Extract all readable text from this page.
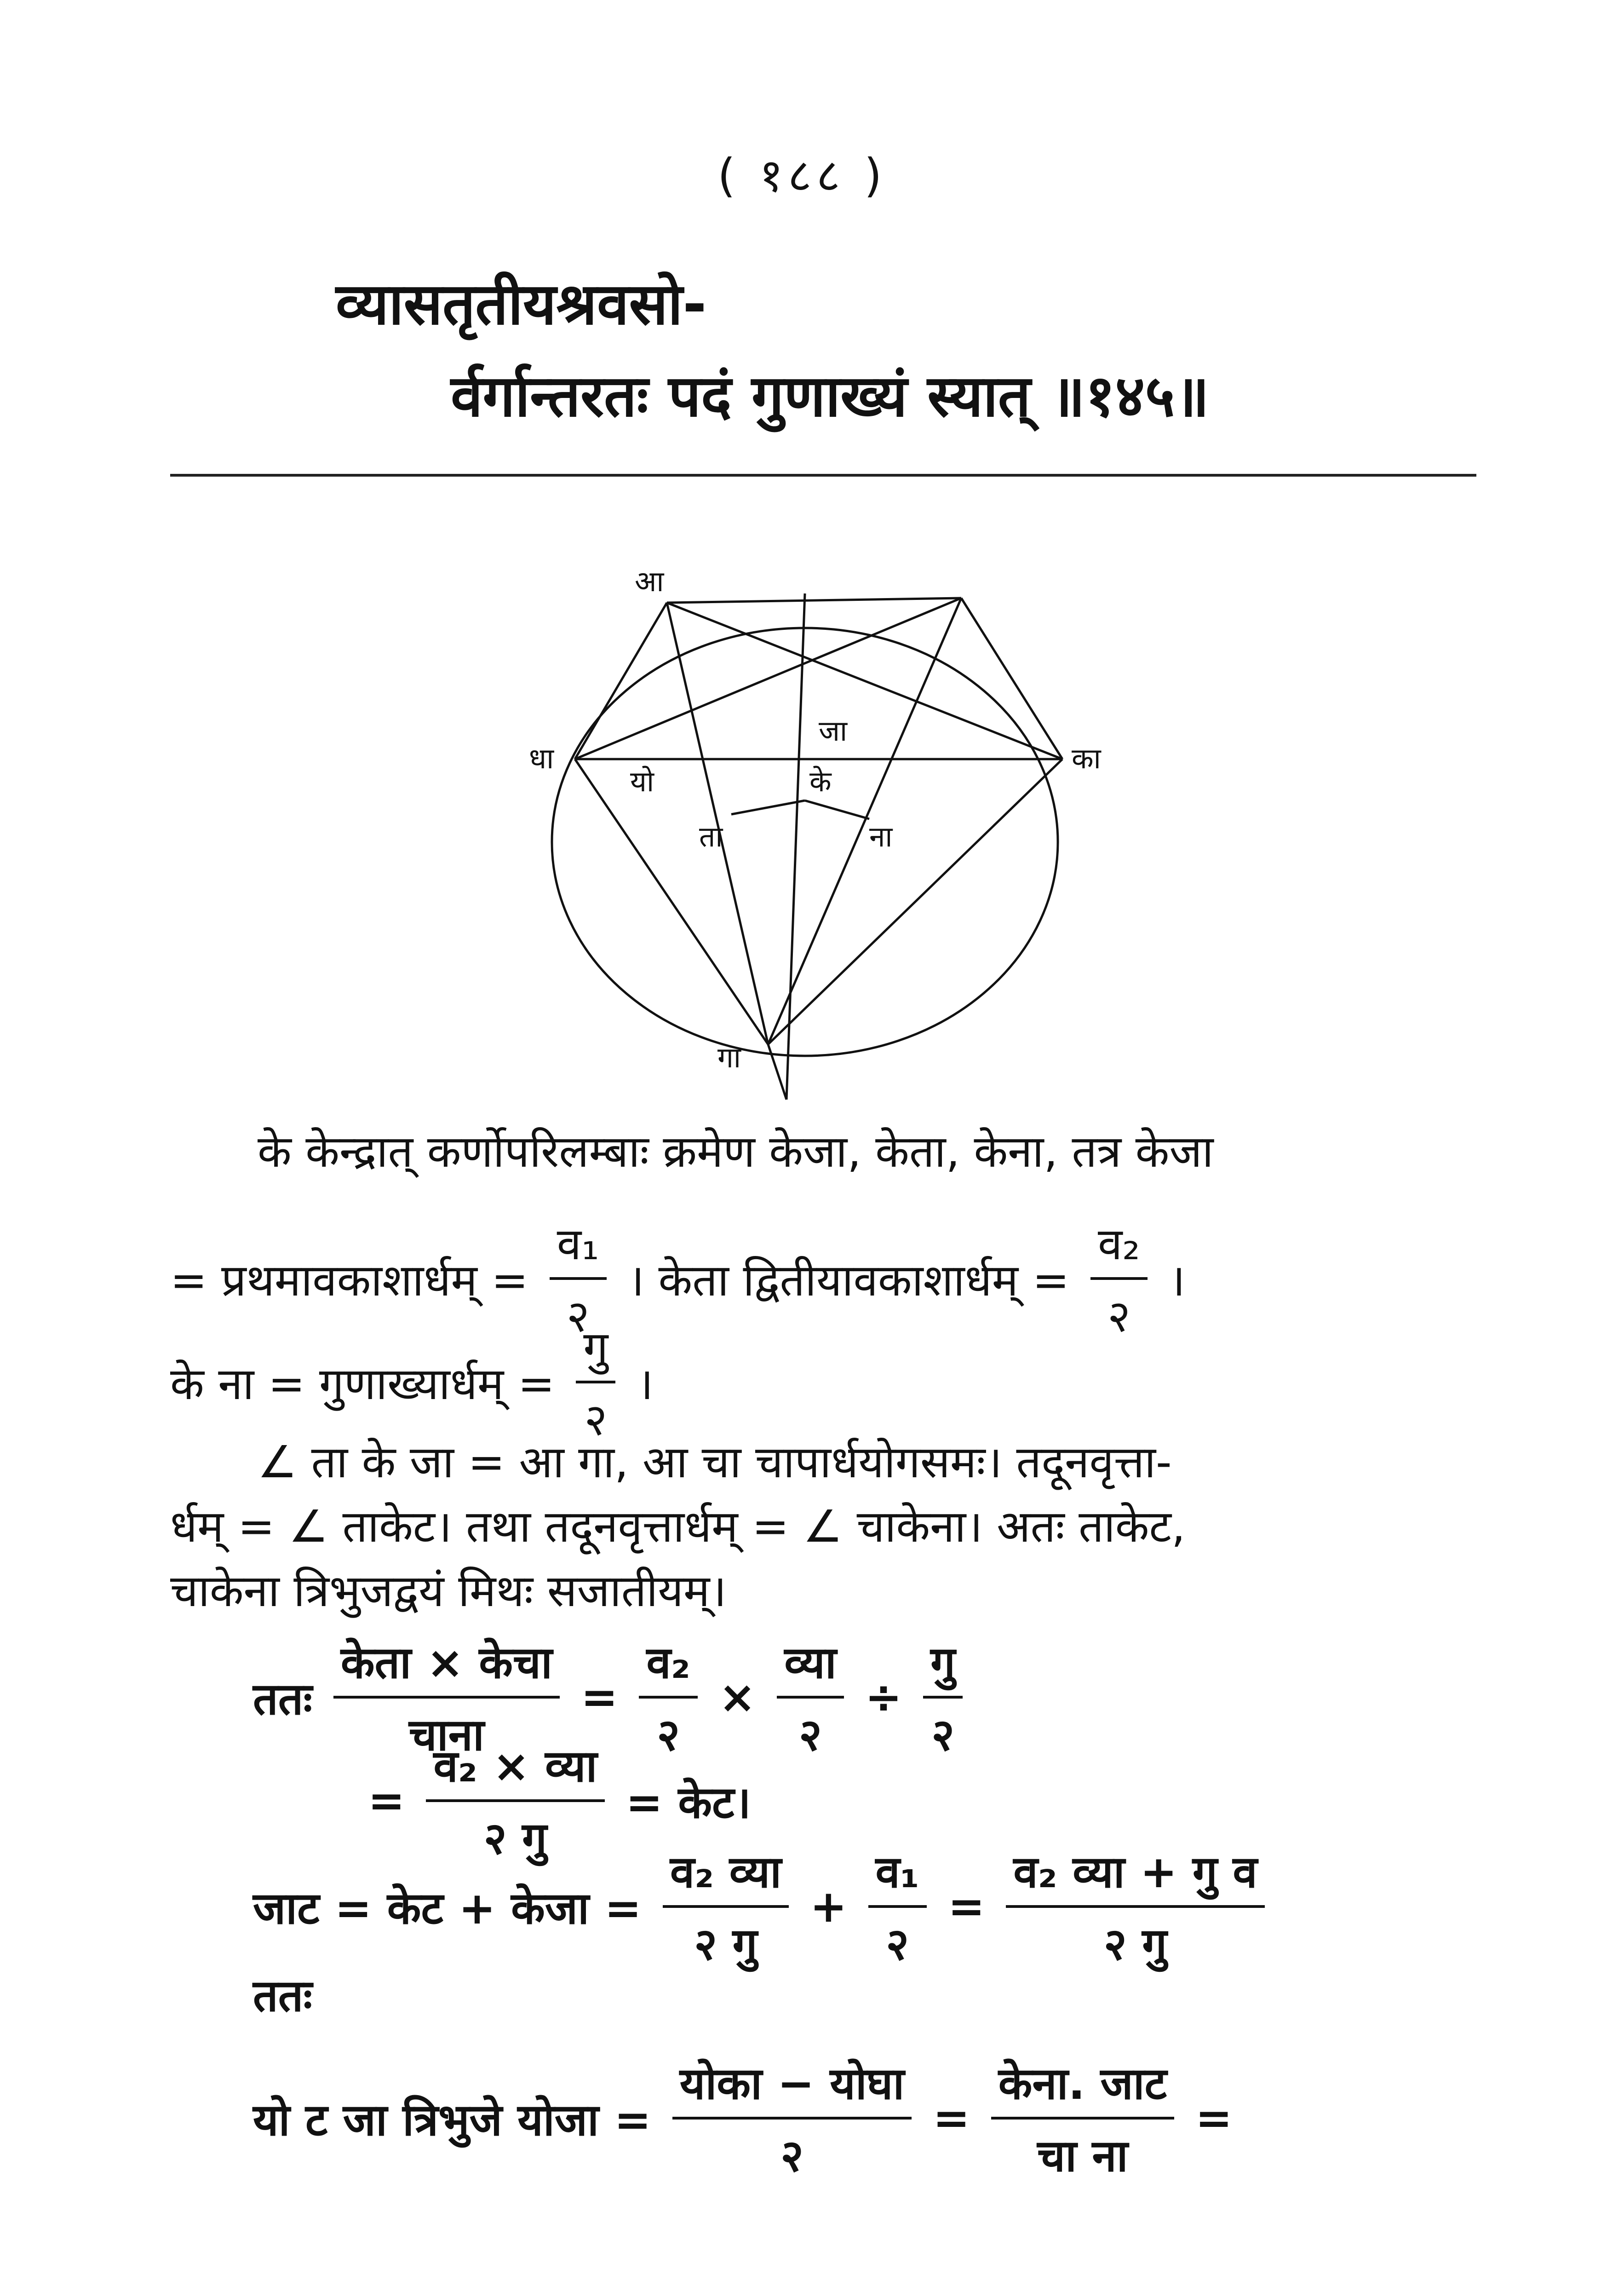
( १८८ )
व्यासतृतीयश्रवसो-
र्वर्गान्तरतः पदं गुणाख्यं स्यात् ॥१४५॥
आ
धा	का
जा
यो	के
ता	ना
गा
के केन्द्रात् कर्णोपरिलम्बाः क्रमेण केजा, केता, केना, तत्र केजा
= प्रथमावकाशार्धम् = $\frac{\text{व₁}}{२}$ । केता द्वितीयावकाशार्धम् = $\frac{\text{व₂}}{२}$ ।
के ना = गुणाख्यार्धम् = $\frac{\text{गु}}{२}$ ।
∠ ता के जा = आ गा, आ चा चापार्धयोगसमः। तदूनवृत्ता-
र्धम् = ∠ ताकेट। तथा तदूनवृत्तार्धम् = ∠ चाकेना। अतः ताकेट,
चाकेना त्रिभुजद्वयं मिथः सजातीयम्।
ततः $\frac{\text{केता × केचा}}{\text{चाना}} = \frac{\text{व₂}}{२} \times \frac{\text{व्या}}{२} \div \frac{\text{गु}}{२}$
= $\frac{\text{व₂ × व्या}}{\text{२ गु}}$ = केट।
जाट = केट + केजा = $\frac{\text{व₂ व्या}}{\text{२ गु}} + \frac{\text{व₁}}{२} = \frac{\text{व₂ व्या + गु व}}{\text{२ गु}}$
ततः
यो ट जा त्रिभुजे योजा = $\frac{\text{योका − योघा}}{२} = \frac{\text{केना. जाट}}{\text{चा ना}}$ =
